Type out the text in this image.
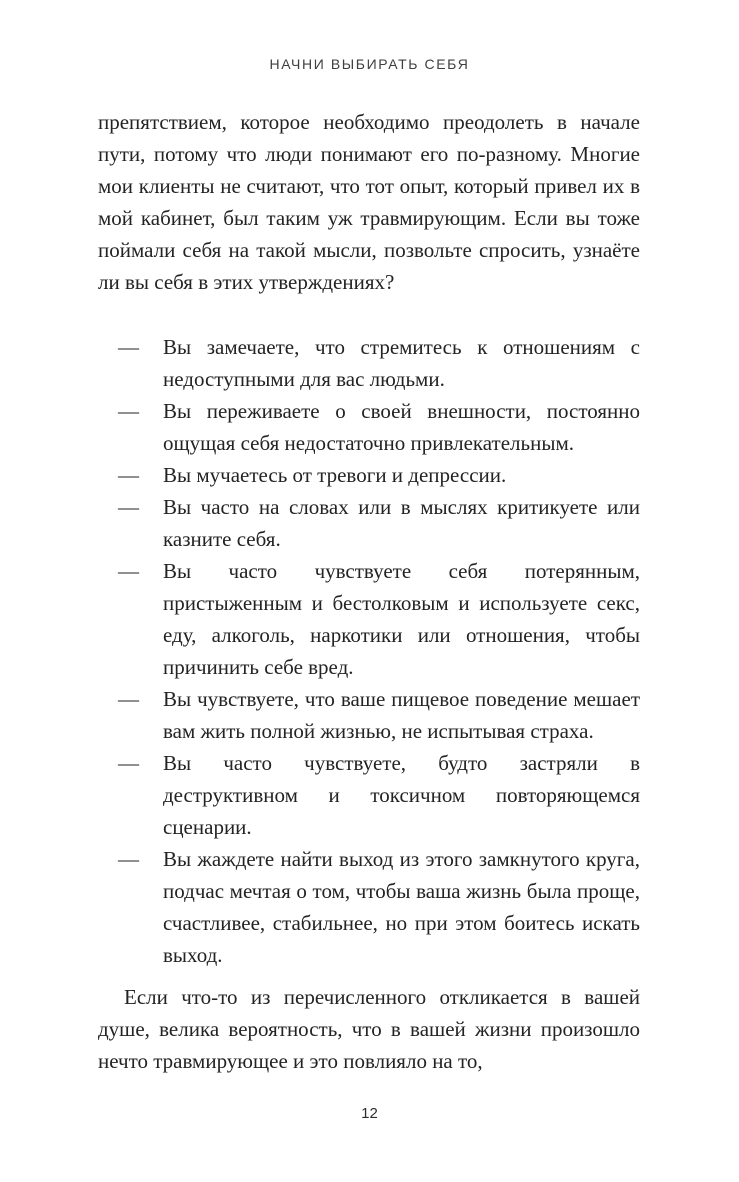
НАЧНИ ВЫБИРАТЬ СЕБЯ

препятствием, которое необходимо преодолеть в начале пути, потому что люди понимают его по-разному. Многие мои клиенты не считают, что тот опыт, который привел их в мой кабинет, был таким уж травмирующим. Если вы тоже поймали себя на такой мысли, позвольте спросить, узнаёте ли вы себя в этих утверждениях?

—	Вы замечаете, что стремитесь к отношениям с недоступными для вас людьми.
—	Вы переживаете о своей внешности, постоянно ощущая себя недостаточно привлекательным.
—	Вы мучаетесь от тревоги и депрессии.
—	Вы часто на словах или в мыслях критикуете или казните себя.
—	Вы часто чувствуете себя потерянным, пристыженным и бестолковым и используете секс, еду, алкоголь, наркотики или отношения, чтобы причинить себе вред.
—	Вы чувствуете, что ваше пищевое поведение мешает вам жить полной жизнью, не испытывая страха.
—	Вы часто чувствуете, будто застряли в деструктивном и токсичном повторяющемся сценарии.
—	Вы жаждете найти выход из этого замкнутого круга, подчас мечтая о том, чтобы ваша жизнь была проще, счастливее, стабильнее, но при этом боитесь искать выход.

Если что-то из перечисленного откликается в вашей душе, велика вероятность, что в вашей жизни произошло нечто травмирующее и это повлияло на то,

12
